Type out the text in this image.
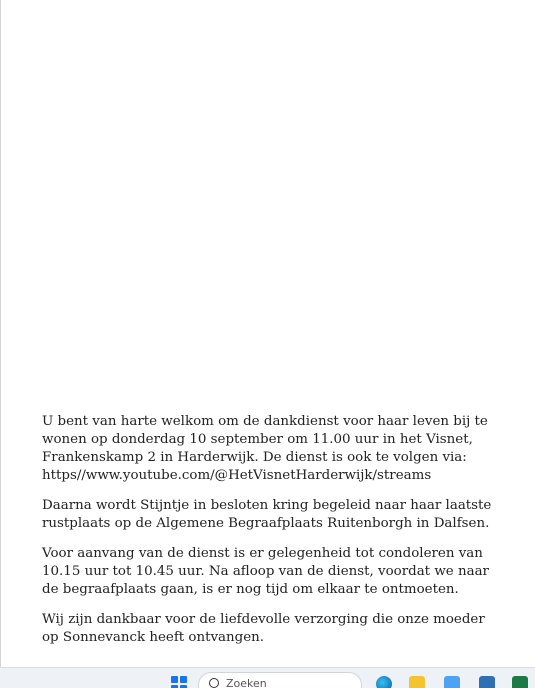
U bent van harte welkom om de dankdienst voor haar leven bij te wonen op donderdag 10 september om 11.00 uur in het Visnet, Frankenskamp 2 in Harderwijk. De dienst is ook te volgen via: https//www.youtube.com/@HetVisnetHarderwijk/streams

Daarna wordt Stijntje in besloten kring begeleid naar haar laatste rustplaats op de Algemene Begraafplaats Ruitenborgh in Dalfsen.

Voor aanvang van de dienst is er gelegenheid tot condoleren van 10.15 uur tot 10.45 uur. Na afloop van de dienst, voordat we naar de begraafplaats gaan, is er nog tijd om elkaar te ontmoeten.

Wij zijn dankbaar voor de liefdevolle verzorging die onze moeder op Sonnevanck heeft ontvangen.

Zoeken
